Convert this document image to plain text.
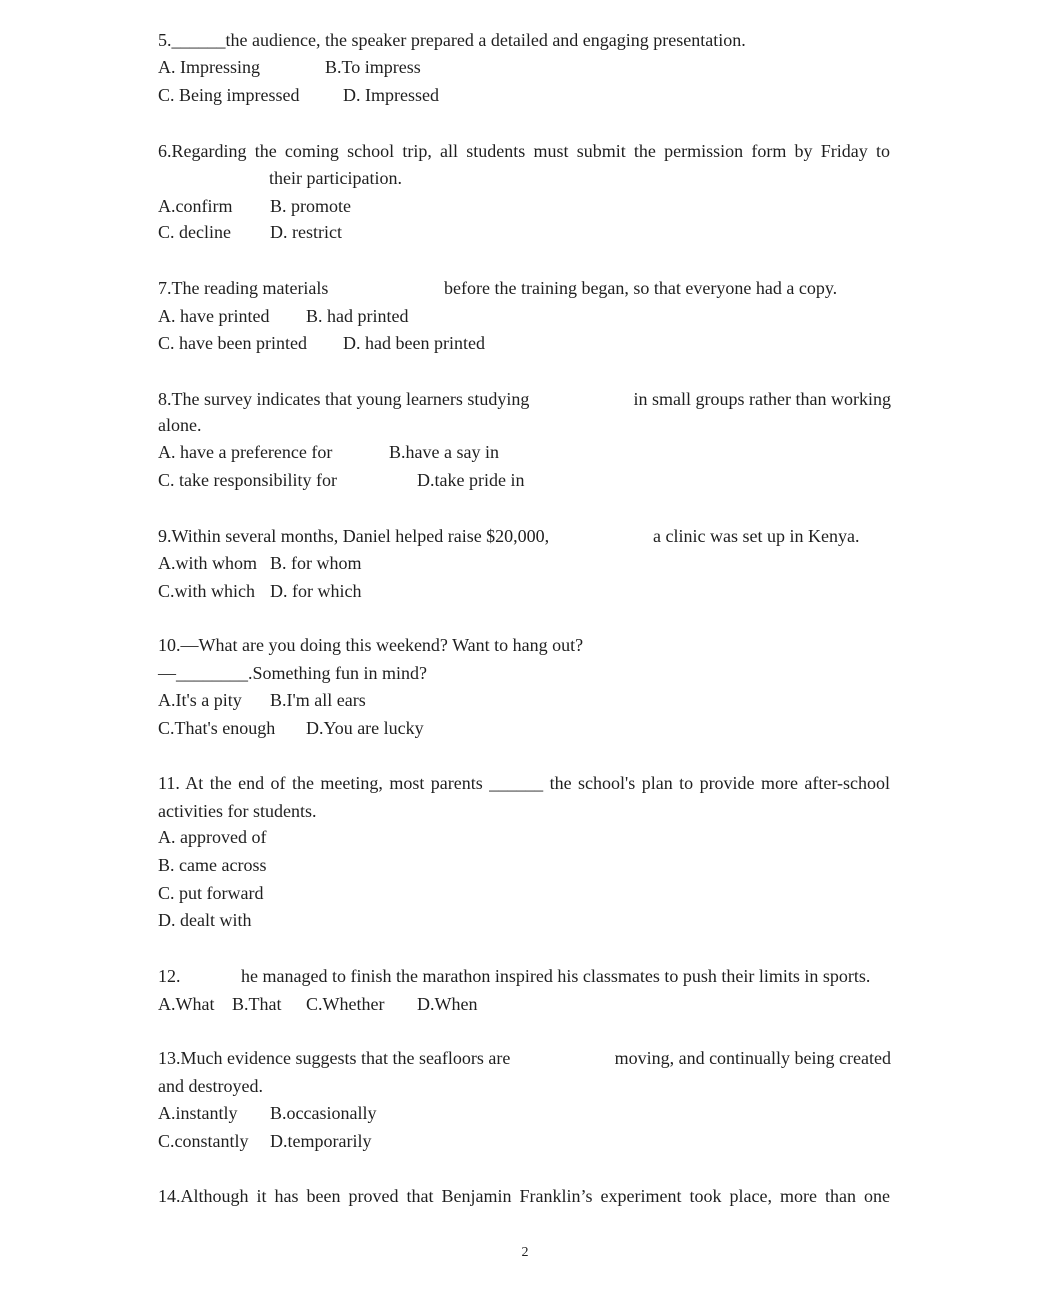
5.______the audience, the speaker prepared a detailed and engaging presentation.
A. Impressing	B.To impress
C. Being impressed D. Impressed
6.Regarding the coming school trip, all students must submit the permission form by Friday to
their participation.
A.confirm B. promote
C. decline D. restrict
7.The reading materials	before the training began, so that everyone had a copy.
A. have printed B. had printed
C. have been printed D. had been printed
8.The survey indicates that young learners studying	in small groups rather than working
alone.
A. have a preference for	B.have a say in
C. take responsibility for	D.take pride in
9.Within several months, Daniel helped raise $20,000,	a clinic was set up in Kenya.
A.with whom B. for whom
C.with which D. for which
10.—What are you doing this weekend? Want to hang out?
—________.Something fun in mind?
A.It's a pity B.I'm all ears
C.That's enough D.You are lucky
11. At the end of the meeting, most parents ______ the school's plan to provide more after-school
activities for students.
A. approved of
B. came across
C. put forward
D. dealt with
12.	he managed to finish the marathon inspired his classmates to push their limits in sports.
A.What B.That C.Whether D.When
13.Much evidence suggests that the seafloors are	moving, and continually being created
and destroyed.
A.instantly B.occasionally
C.constantly D.temporarily
14.Although it has been proved that Benjamin Franklin’s experiment took place, more than one
2
